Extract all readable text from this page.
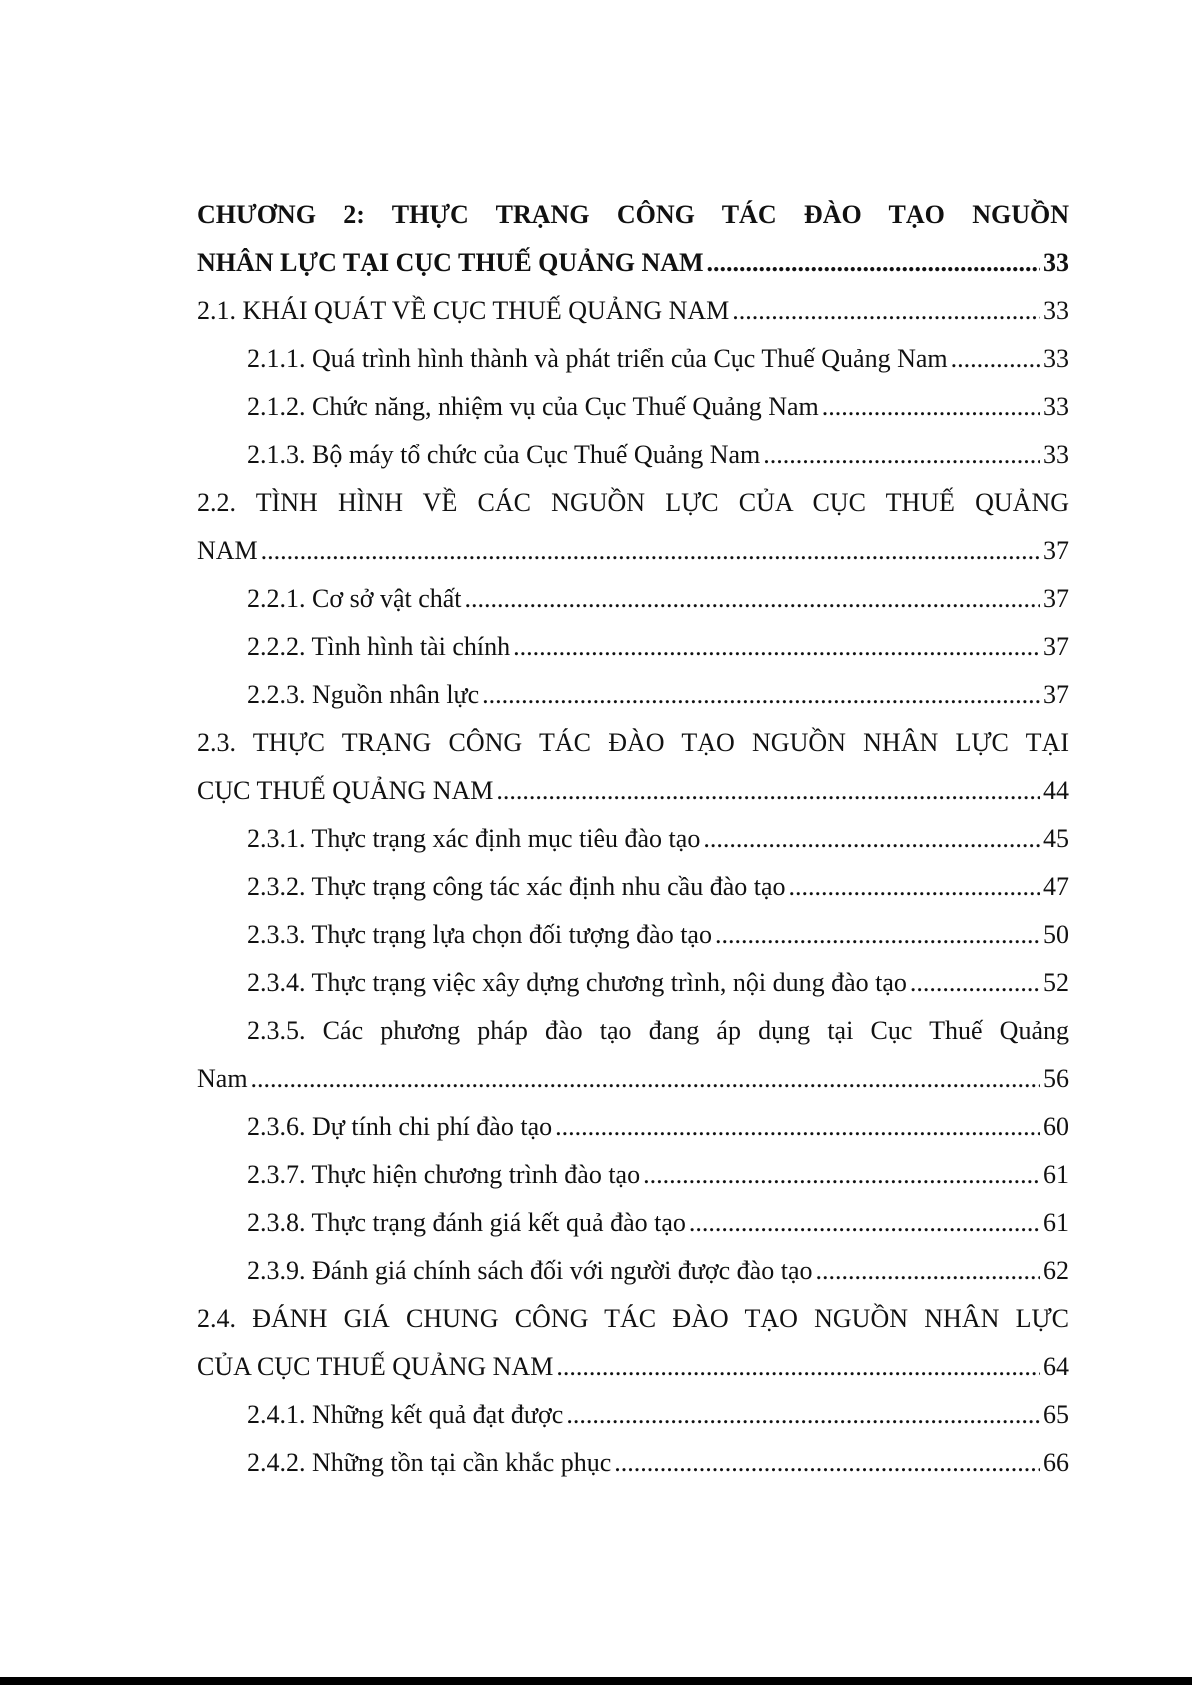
CHƯƠNG 2: THỰC TRẠNG CÔNG TÁC ĐÀO TẠO NGUỒN
NHÂN LỰC TẠI CỤC THUẾ QUẢNG NAM .....	33
2.1. KHÁI QUÁT VỀ CỤC THUẾ QUẢNG NAM .....	33
2.1.1. Quá trình hình thành và phát triển của Cục Thuế Quảng Nam .....	33
2.1.2. Chức năng, nhiệm vụ của Cục Thuế Quảng Nam .....	33
2.1.3. Bộ máy tổ chức của Cục Thuế Quảng Nam .....	33
2.2. TÌNH HÌNH VỀ CÁC NGUỒN LỰC CỦA CỤC THUẾ QUẢNG
NAM .....	37
2.2.1. Cơ sở vật chất .....	37
2.2.2. Tình hình tài chính .....	37
2.2.3. Nguồn nhân lực .....	37
2.3. THỰC TRẠNG CÔNG TÁC ĐÀO TẠO NGUỒN NHÂN LỰC TẠI
CỤC THUẾ QUẢNG NAM .....	44
2.3.1. Thực trạng xác định mục tiêu đào tạo .....	45
2.3.2. Thực trạng công tác xác định nhu cầu đào tạo .....	47
2.3.3. Thực trạng lựa chọn đối tượng đào tạo .....	50
2.3.4. Thực trạng việc xây dựng chương trình, nội dung đào tạo .....	52
2.3.5. Các phương pháp đào tạo đang áp dụng tại Cục Thuế Quảng
Nam .....	56
2.3.6. Dự tính chi phí đào tạo .....	60
2.3.7. Thực hiện chương trình đào tạo .....	61
2.3.8. Thực trạng đánh giá kết quả đào tạo .....	61
2.3.9. Đánh giá chính sách đối với người được đào tạo .....	62
2.4. ĐÁNH GIÁ CHUNG CÔNG TÁC ĐÀO TẠO NGUỒN NHÂN LỰC
CỦA CỤC THUẾ QUẢNG NAM .....	64
2.4.1. Những kết quả đạt được .....	65
2.4.2. Những tồn tại cần khắc phục .....	66
